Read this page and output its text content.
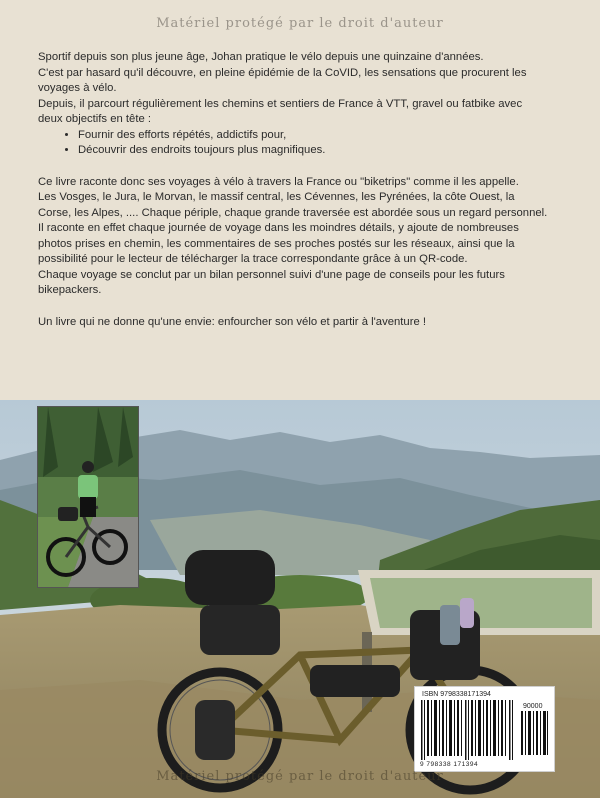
Matériel protégé par le droit d'auteur

Sportif depuis son plus jeune âge, Johan pratique le vélo depuis une quinzaine d'années.

C'est par hasard qu'il découvre, en pleine épidémie de la CoVID, les sensations que procurent les voyages à vélo.

Depuis, il parcourt régulièrement les chemins et sentiers de France à VTT, gravel ou fatbike avec deux objectifs en tête :

• Fournir des efforts répétés, addictifs pour,
• Découvrir des endroits toujours plus magnifiques.

Ce livre raconte donc ses voyages à vélo à travers la France ou "biketrips" comme il les appelle.

Les Vosges, le Jura, le Morvan, le massif central, les Cévennes, les Pyrénées, la côte Ouest, la Corse, les Alpes, .... Chaque périple, chaque grande traversée est abordée sous un regard personnel.

Il raconte en effet chaque journée de voyage dans les moindres détails, y ajoute de nombreuses photos prises en chemin, les commentaires de ses proches postés sur les réseaux, ainsi que la possibilité pour le lecteur de télécharger la trace correspondante grâce à un QR-code.

Chaque voyage se conclut par un bilan personnel suivi d'une page de conseils pour les futurs bikepackers.

Un livre qui ne donne qu'une envie: enfourcher son vélo et partir à l'aventure !

ISBN 9798338171394
90000
9 798338 171394
Matériel protégé par le droit d'auteur
